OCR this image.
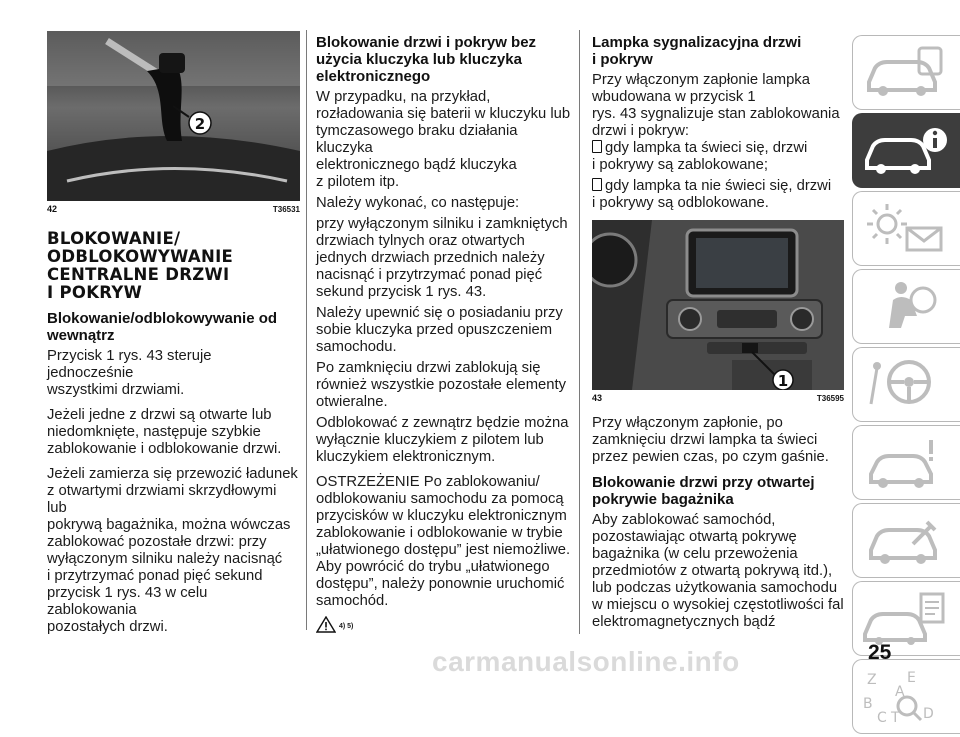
2
42	T36531
BLOKOWANIE/
ODBLOKOWYWANIE
CENTRALNE DRZWI
I POKRYW
Blokowanie/odblokowywanie od
wewnątrz

Przycisk 1 rys. 43 steruje jednocześnie
wszystkimi drzwiami.

Jeżeli jedne z drzwi są otwarte lub
niedomknięte, następuje szybkie
zablokowanie i odblokowanie drzwi.

Jeżeli zamierza się przewozić ładunek
z otwartymi drzwiami skrzydłowymi lub
pokrywą bagażnika, można wówczas
zablokować pozostałe drzwi: przy
wyłączonym silniku należy nacisnąć
i przytrzymać ponad pięć sekund
przycisk 1 rys. 43 w celu zablokowania
pozostałych drzwi.

Blokowanie drzwi i pokryw bez
użycia kluczyka lub kluczyka
elektronicznego

W przypadku, na przykład,
rozładowania się baterii w kluczyku lub
tymczasowego braku działania kluczyka
elektronicznego bądź kluczyka
z pilotem itp.

Należy wykonać, co następuje:

przy wyłączonym silniku i zamkniętych
drzwiach tylnych oraz otwartych
jednych drzwiach przednich należy
nacisnąć i przytrzymać ponad pięć
sekund przycisk 1 rys. 43.

Należy upewnić się o posiadaniu przy
sobie kluczyka przed opuszczeniem
samochodu.

Po zamknięciu drzwi zablokują się
również wszystkie pozostałe elementy
otwieralne.

Odblokować z zewnątrz będzie można
wyłącznie kluczykiem z pilotem lub
kluczykiem elektronicznym.

OSTRZEŻENIE Po zablokowaniu/
odblokowaniu samochodu za pomocą
przycisków w kluczyku elektronicznym
zablokowanie i odblokowanie w trybie
„ułatwionego dostępu” jest niemożliwe.
Aby powrócić do trybu „ułatwionego
dostępu”, należy ponownie uruchomić
samochód.

4) 5)
Lampka sygnalizacyjna drzwi
i pokryw

Przy włączonym zapłonie lampka
wbudowana w przycisk 1
rys. 43 sygnalizuje stan zablokowania
drzwi i pokryw:

gdy lampka ta świeci się, drzwi
i pokrywy są zablokowane;

gdy lampka ta nie świeci się, drzwi
i pokrywy są odblokowane.

1
43	T36595

Przy włączonym zapłonie, po
zamknięciu drzwi lampka ta świeci
przez pewien czas, po czym gaśnie.

Blokowanie drzwi przy otwartej
pokrywie bagażnika

Aby zablokować samochód,
pozostawiając otwartą pokrywę
bagażnika (w celu przewożenia
przedmiotów z otwartą pokrywą itd.),
lub podczas użytkowania samochodu
w miejscu o wysokiej częstotliwości fal
elektromagnetycznych bądź

Z E
A
B
C T D
carmanualsonline.info	25
